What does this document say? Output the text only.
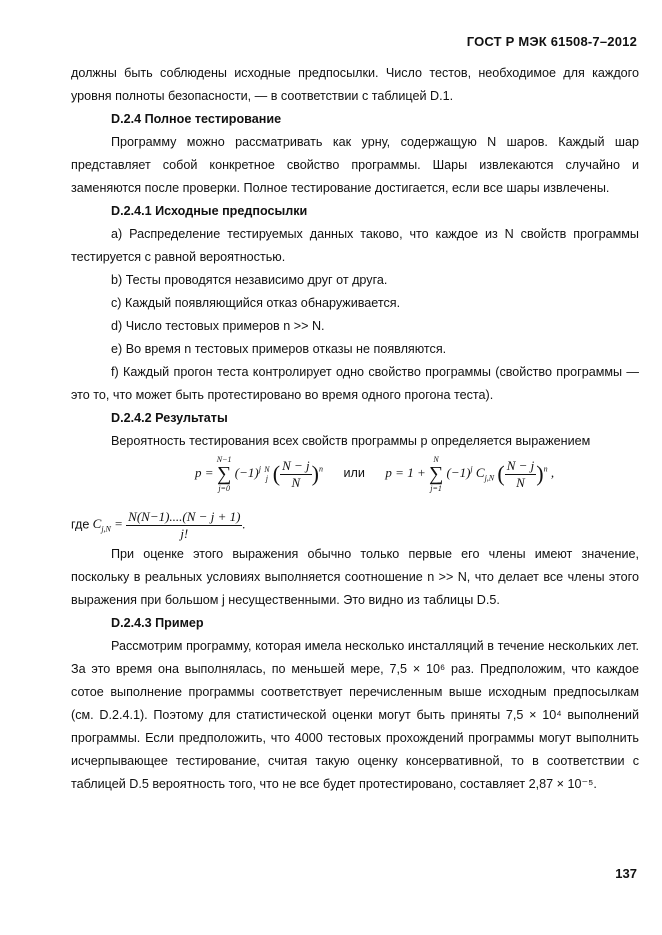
ГОСТ Р МЭК 61508-7–2012

должны быть соблюдены исходные предпосылки. Число тестов, необходимое для каждого уровня полноты безопасности, — в соответствии с таблицей D.1.

D.2.4 Полное тестирование

Программу можно рассматривать как урну, содержащую N шаров. Каждый шар представляет собой конкретное свойство программы. Шары извлекаются случайно и заменяются после проверки. Полное тестирование достигается, если все шары извлечены.

D.2.4.1 Исходные предпосылки

а) Распределение тестируемых данных таково, что каждое из N свойств программы тестируется с равной вероятностью.

b) Тесты проводятся независимо друг от друга.

c) Каждый появляющийся отказ обнаруживается.

d) Число тестовых примеров n >> N.

e) Во время n тестовых примеров отказы не появляются.

f) Каждый прогон теста контролирует одно свойство программы (свойство программы — это то, что может быть протестировано во время одного прогона теста).

D.2.4.2 Результаты

Вероятность тестирования всех свойств программы p определяется выражением

p =
N−1
∑
j=0
$(-1)^j$ N
j ( $\frac{N - j}{N} )^n$ или p = 1 +
N
∑
j=1
$(-1)^j$ $C_{j,N}$ ( $\frac{N - j}{N} )^n$ ,
где $C_{j,N} = \frac{N(N-1)....(N - j + 1)}{j!}$ .

При оценке этого выражения обычно только первые его члены имеют значение, поскольку в реальных условиях выполняется соотношение n >> N, что делает все члены этого выражения при большом j несущественными. Это видно из таблицы D.5.

D.2.4.3 Пример

Рассмотрим программу, которая имела несколько инсталляций в течение нескольких лет. За это время она выполнялась, по меньшей мере, 7,5 × 10⁶ раз. Предположим, что каждое сотое выполнение программы соответствует перечисленным выше исходным предпосылкам (см. D.2.4.1). Поэтому для статистической оценки могут быть приняты 7,5 × 10⁴ выполнений программы. Если предположить, что 4000 тестовых прохождений программы могут выполнить исчерпывающее тестирование, считая такую оценку консервативной, то в соответствии с таблицей D.5 вероятность того, что не все будет протестировано, составляет 2,87 × 10⁻⁵.

137
